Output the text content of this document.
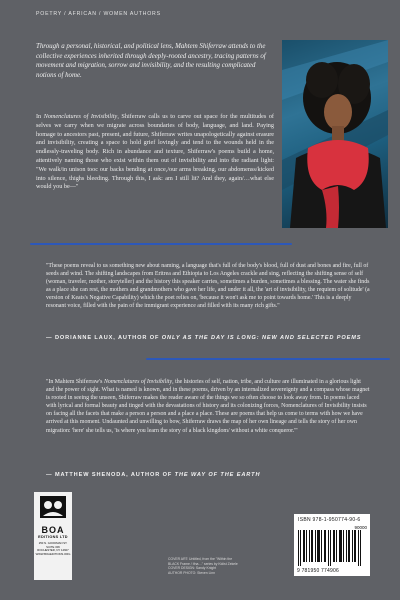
POETRY / AFRICAN / WOMEN AUTHORS

Through a personal, historical, and political lens, Mahtem Shiferraw attends to the collective experiences inherited through deeply-rooted ancestry, tracing patterns of movement and migration, sorrow and invisibility, and the resulting complicated notions of home.

In Nomenclatures of Invisibility, Shiferraw calls us to carve out space for the multitudes of selves we carry when we migrate across boundaries of body, language, and land. Paying homage to ancestors past, present, and future, Shiferraw writes unapologetically against erasure and invisibility, creating a space to hold grief lovingly and tend to the wounds held in the endlessly-traveling body. Rich in abundance and texture, Shiferraw's poems build a home, attentively naming those who exist within them out of invisibility and into the radiant light: "We walk/in unison tooc our backs bending at once,/our arms breaking, our abdomenss/kicked into silence, thighs bleeding. Through this, I ask: am I still lit? And they, again/…what else would you be—"

"These poems reveal to us something new about naming, a language that's full of the body's blood, full of dust and bones and fire, full of seeds and wind. The shifting landscapes from Eritrea and Ethiopia to Los Angeles crackle and sing, reflecting the shifting sense of self (woman, traveler, mother, storyteller) and the history this speaker carries, sometimes a burden, sometimes a blessing. The water she finds as a place she can rest, the mothers and grandmothers who gave her life, and under it all, the 'art of invisibility, the requiem of solitude' (a version of Keats's Negative Capability) which the poet relies on, 'because it won't ask me to point towards home.' This is a deeply resonant voice, filled with the pain of the immigrant experience and filled with its many rich gifts."

— DORIANNE LAUX, AUTHOR OF ONLY AS THE DAY IS LONG: NEW AND SELECTED POEMS

"In Mahtem Shiferraw's Nomenclatures of Invisibility, the histories of self, nation, tribe, and culture are illuminated in a glorious light and the power of sight. What is named is known, and in these poems, driven by an internalized sovereignty and a compass whose magnet is rooted in seeing the unseen, Shiferraw makes the reader aware of the things we so often choose to look away from. In poems laced with lyrical and formal beauty and tinged with the devastations of history and its colonizing forces, Nomenclatures of Invisibility insists on facing all the facets that make a person a person and a place a place. These are poems that help us come to terms with how we have arrived at this moment. Undaunted and unwilling to bow, Shiferraw draws the map of her own lineage and tells the story of her own migration: 'here' she tells us, 'is where you learn the story of a black kingdom/ without a white conqueror.'"

— MATTHEW SHENODA, AUTHOR OF THE WAY OF THE EARTH
BOA
EDITIONS LTD
250 N. GOODMAN ST.
SUITE 306
ROCHESTER, NY 14607
WWW.BOAEDITIONS.ORG
COVER ART: Untitled, from the "Within the
BLACK Frame / Ifna…" series by Kidist Zekele
COVER DESIGN: Sandy Knight
AUTHOR PHOTO: Steven Linn
ISBN 978-1-950774-90-6
90000
9 781950 774906
